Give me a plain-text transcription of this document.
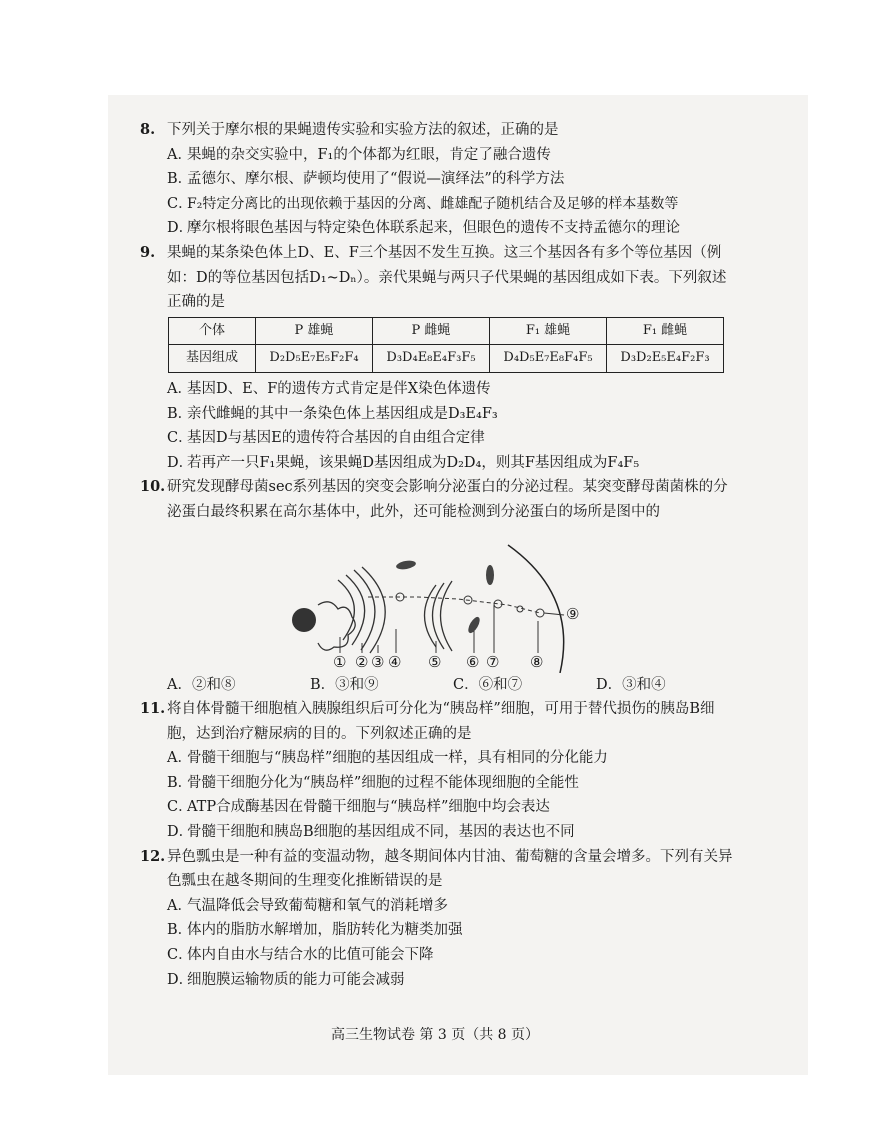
8. 下列关于摩尔根的果蝇遗传实验和实验方法的叙述，正确的是

A．果蝇的杂交实验中，F₁的个体都为红眼，肯定了融合遗传

B．孟德尔、摩尔根、萨顿均使用了“假说—演绎法”的科学方法

C．F₂特定分离比的出现依赖于基因的分离、雌雄配子随机结合及足够的样本基数等

D．摩尔根将眼色基因与特定染色体联系起来，但眼色的遗传不支持孟德尔的理论

9. 果蝇的某条染色体上D、E、F三个基因不发生互换。这三个基因各有多个等位基因（例如：D的等位基因包括D₁~Dₙ）。亲代果蝇与两只子代果蝇的基因组成如下表。下列叙述正确的是
个体	P 雄蝇	P 雌蝇	F₁ 雄蝇	F₁ 雌蝇
基因组成	D₂D₅E₇E₅F₂F₄	D₃D₄E₈E₄F₃F₅	D₄D₅E₇E₈F₄F₅	D₃D₂E₅E₄F₂F₃

A．基因D、E、F的遗传方式肯定是伴X染色体遗传

B．亲代雌蝇的其中一条染色体上基因组成是D₃E₄F₃

C．基因D与基因E的遗传符合基因的自由组合定律

D．若再产一只F₁果蝇，该果蝇D基因组成为D₂D₄，则其F基因组成为F₄F₅

10. 研究发现酵母菌sec系列基因的突变会影响分泌蛋白的分泌过程。某突变酵母菌菌株的分泌蛋白最终积累在高尔基体中，此外，还可能检测到分泌蛋白的场所是图中的
① ② ③ ④ ⑤ ⑥ ⑦ ⑧
⑨
A．②和⑧	B．③和⑨	C．⑥和⑦	D．③和④
11. 将自体骨髓干细胞植入胰腺组织后可分化为“胰岛样”细胞，可用于替代损伤的胰岛B细胞，达到治疗糖尿病的目的。下列叙述正确的是

A．骨髓干细胞与“胰岛样”细胞的基因组成一样，具有相同的分化能力

B．骨髓干细胞分化为“胰岛样”细胞的过程不能体现细胞的全能性

C．ATP合成酶基因在骨髓干细胞与“胰岛样”细胞中均会表达

D．骨髓干细胞和胰岛B细胞的基因组成不同，基因的表达也不同

12. 异色瓢虫是一种有益的变温动物，越冬期间体内甘油、葡萄糖的含量会增多。下列有关异色瓢虫在越冬期间的生理变化推断错误的是

A．气温降低会导致葡萄糖和氧气的消耗增多

B．体内的脂肪水解增加，脂肪转化为糖类加强

C．体内自由水与结合水的比值可能会下降

D．细胞膜运输物质的能力可能会减弱

高三生物试卷 第 3 页（共 8 页）
